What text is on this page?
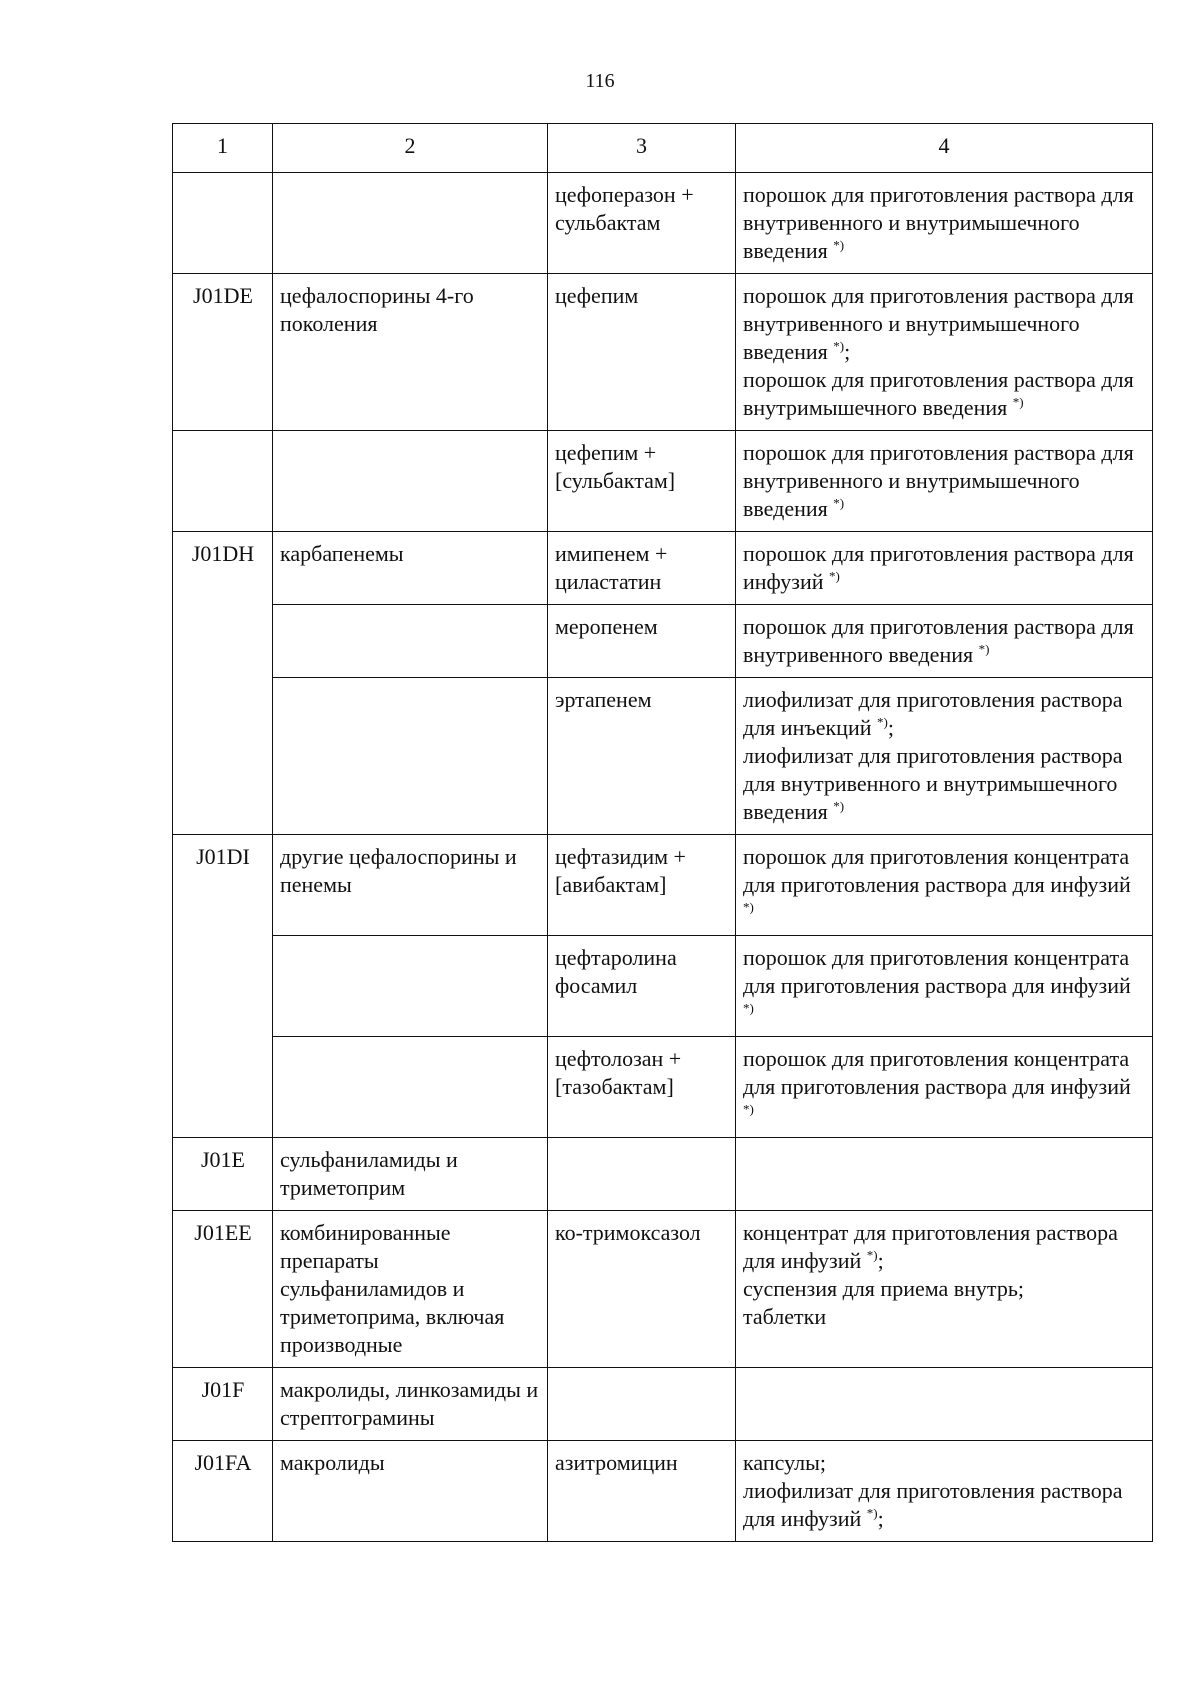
116
1	2	3	4
		цефоперазон + сульбактам	порошок для приготовления раствора для внутривенного и внутримышечного введения *)

J01DE	цефалоспорины 4-го поколения	цефепим	порошок для приготовления раствора для внутривенного и внутримышечного введения *);
порошок для приготовления раствора для внутримышечного введения *)

		цефепим + [сульбактам]	порошок для приготовления раствора для внутривенного и внутримышечного введения *)

J01DH	карбапенемы	имипенем + циластатин	порошок для приготовления раствора для инфузий *)

		меропенем	порошок для приготовления раствора для внутривенного введения *)

		эртапенем	лиофилизат для приготовления раствора для инъекций *);
лиофилизат для приготовления раствора для внутривенного и внутримышечного введения *)

J01DI	другие цефалоспорины и пенемы	цефтазидим + [авибактам]	порошок для приготовления концентрата для приготовления раствора для инфузий *)

		цефтаролина фосамил	порошок для приготовления концентрата для приготовления раствора для инфузий *)

		цефтолозан + [тазобактам]	порошок для приготовления концентрата для приготовления раствора для инфузий *)

J01E	сульфаниламиды и триметоприм		
J01EE	комбинированные препараты сульфаниламидов и триметоприма, включая производные	ко-тримоксазол	концентрат для приготовления раствора для инфузий *);
суспензия для приема внутрь;
таблетки

J01F	макролиды, линкозамиды и стрептограмины		
J01FA	макролиды	азитромицин	капсулы;
лиофилизат для приготовления раствора для инфузий *);
